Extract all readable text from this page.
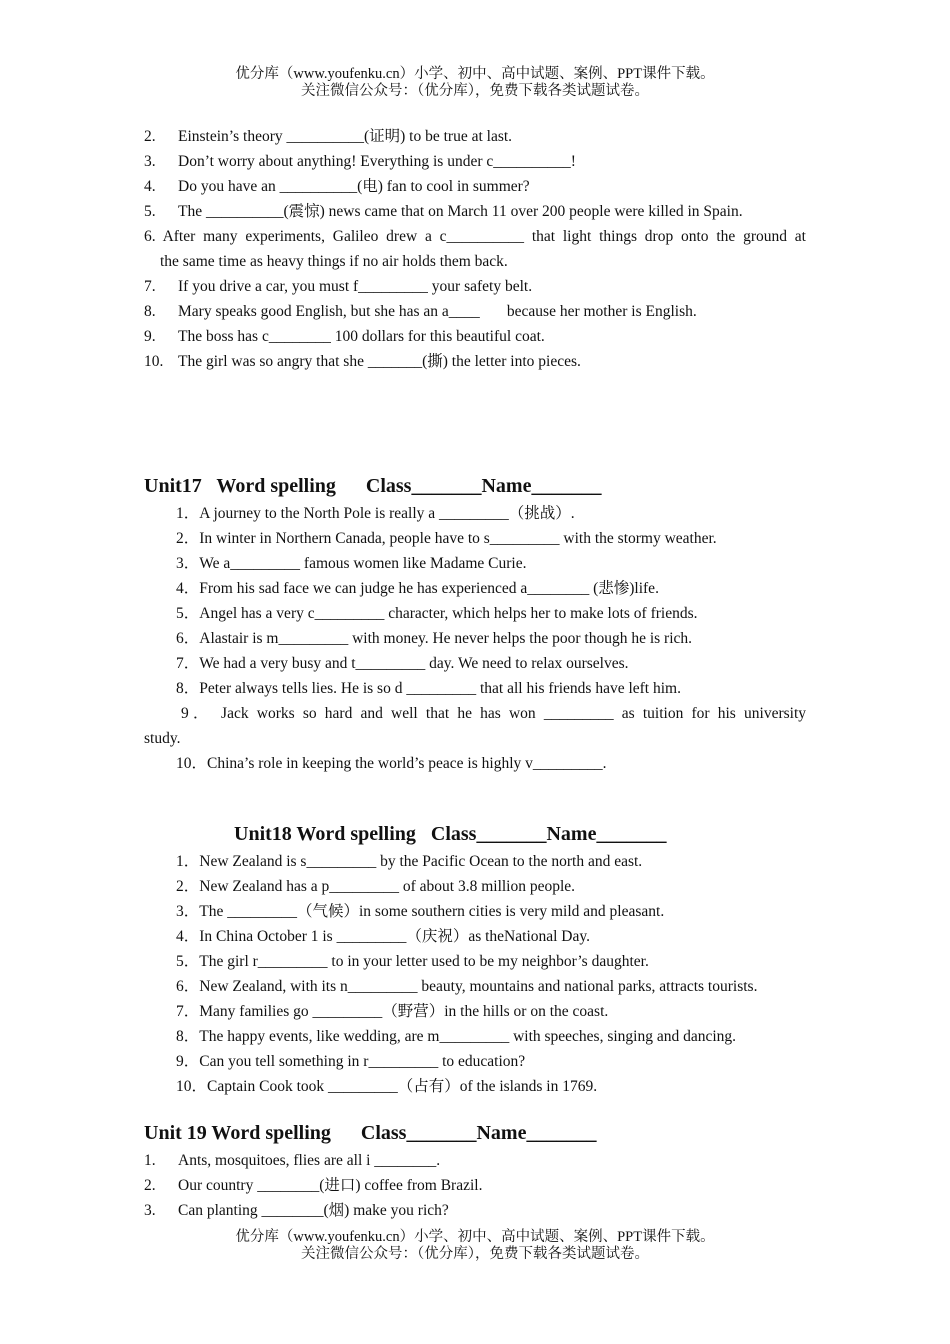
优分库（www.youfenku.cn）小学、初中、高中试题、案例、PPT课件下载。
关注微信公众号：（优分库），免费下载各类试题试卷。
2. Einstein’s theory __________(证明) to be true at last.
3. Don’t worry about anything! Everything is under c__________!
4. Do you have an __________(电) fan to cool in summer?
5. The __________(震惊) news came that on March 11 over 200 people were killed in Spain.
6. After many experiments, Galileo drew a c__________ that light things drop onto the ground at
the same time as heavy things if no air holds them back.
7. If you drive a car, you must f_________ your safety belt.
8. Mary speaks good English, but she has an a____       because her mother is English.
9. The boss has c________ 100 dollars for this beautiful coat.
10. The girl was so angry that she _______(撕) the letter into pieces.
Unit17   Word spelling      Class_______Name_______
1．A journey to the North Pole is really a _________（挑战）.
2．In winter in Northern Canada, people have to s_________ with the stormy weather.
3．We a_________ famous women like Madame Curie.
4．From his sad face we can judge he has experienced a________ (悲惨)life.
5．Angel has a very c_________ character, which helps her to make lots of friends.
6．Alastair is m_________ with money. He never helps the poor though he is rich.
7．We had a very busy and t_________ day. We need to relax ourselves.
8．Peter always tells lies. He is so d _________ that all his friends have left him.
9． Jack works so hard and well that he has won _________ as tuition for his university
study.
10．China’s role in keeping the world’s peace is highly v_________.
Unit18 Word spelling   Class_______Name_______
1．New Zealand is s_________ by the Pacific Ocean to the north and east.
2．New Zealand has a p_________ of about 3.8 million people.
3．The _________（气候）in some southern cities is very mild and pleasant.
4．In China October 1 is _________（庆祝）as theNational Day.
5．The girl r_________ to in your letter used to be my neighbor’s daughter.
6．New Zealand, with its n_________ beauty, mountains and national parks, attracts tourists.
7．Many families go _________（野营）in the hills or on the coast.
8．The happy events, like wedding, are m_________ with speeches, singing and dancing.
9．Can you tell something in r_________ to education?
10．Captain Cook took _________（占有）of the islands in 1769.
Unit 19 Word spelling      Class_______Name_______
1. Ants, mosquitoes, flies are all i ________.
2. Our country ________(进口) coffee from Brazil.
3. Can planting ________(烟) make you rich?
优分库（www.youfenku.cn）小学、初中、高中试题、案例、PPT课件下载。
关注微信公众号：（优分库），免费下载各类试题试卷。
